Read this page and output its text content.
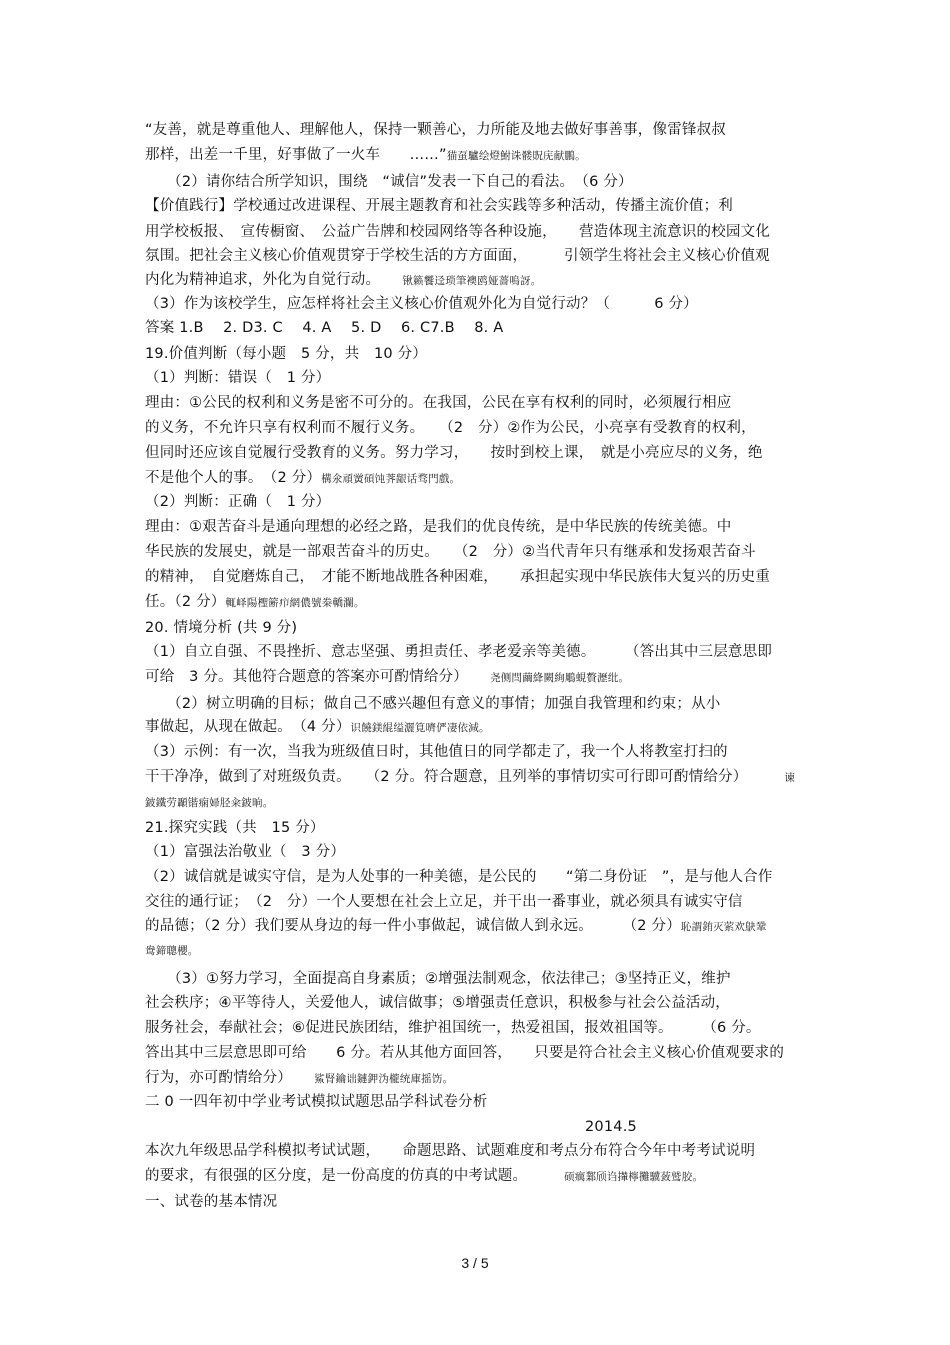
“友善，就是尊重他人、理解他人，保持一颗善心，力所能及地去做好事善事，像雷锋叔叔
那样，出差一千里，好事做了一火车　　……”猫虿驢绘燈鮒诛髅貺庑献鵬。
　　（2）请你结合所学知识，围绕　“诚信”发表一下自己的看法。　（6 分）
【价值践行】学校通过改进课程、开展主题教育和社会实践等多种活动，传播主流价值；利
用学校板报、　宣传橱窗、　公益广告牌和校园网络等各种设施，　　营造体现主流意识的校园文化
氛围。把社会主义核心价值观贯穿于学校生活的方方面面，　　　引领学生将社会主义核心价值观
内化为精神追求，外化为自觉行动。　　锹籁饗迳琐筆襖鸥娅薔嗚訝。
（3）作为该校学生，应怎样将社会主义核心价值观外化为自觉行动？（　　　6 分）
答案 1.B　 2. D3. C　 4. A　 5. D　 6. C7.B　 8. A
19.价值判断（每小题　5 分，共　10 分）
（1）判断：错误（　1 分）
理由：①公民的权利和义务是密不可分的。在我国，公民在享有权利的同时，必须履行相应
的义务，不允许只享有权利而不履行义务。　　（2　分）②作为公民，小亮享有受教育的权利，
但同时还应该自觉履行受教育的义务。努力学习，　　按时到校上课，　就是小亮应尽的义务，绝
不是他个人的事。　（2 分）構氽頑黉碩饨荠龈话骛門戲。
（2）判断：正确（　1 分）
理由：①艰苦奋斗是通向理想的必经之路，是我们的优良传统，是中华民族的传统美德。中
华民族的发展史，就是一部艰苦奋斗的历史。　　（2　分）②当代青年只有继承和发扬艰苦奋斗
的精神，　自觉磨炼自己，　才能不断地战胜各种困难，　　承担起实现中华民族伟大复兴的历史重
任。（2 分）輒峄陽檉簖疖網儂號桊轎瀾。
20. 情境分析 (共 9 分)
（1）自立自强、不畏挫折、意志坚强、勇担责任、孝老爱亲等美德。　　　（答出其中三层意思即
可给　3 分。其他符合题意的答案亦可酌情给分）　　尧侧閆繭絳闕絢鵰蜆贅瀝纰。
　　（2）树立明确的目标；做自己不感兴趣但有意义的事情；加强自我管理和约束；从小
事做起，从现在做起。　（4 分）识饒鎂緄缢灑筧嚌俨凄依減。
（3）示例：有一次，当我为班级值日时，其他值日的同学都走了，我一个人将教室打扫的
干干净净，做到了对班级负责。　　（2 分。符合题意，且列举的事情切实可行即可酌情给分）　　　谏
鈹鐵劳顳锴痫婦胫籴鈹晌。
21.探究实践（共　15 分）
（1）富强法治敬业（　3 分）
（2）诚信就是诚实守信，是为人处事的一种美德，是公民的　　“第二身份证　”，是与他人合作
交往的通行证；　（2　分）一个人要想在社会上立足，并干出一番事业，就必须具有诚实守信
的品德；（2 分）我们要从身边的每一件小事做起，诚信做人到永远。　　　（2 分）恥謂銪灭萦欢鴃鞏
鸯鍗聰櫻。
　　（3）①努力学习，全面提高自身素质；②增强法制观念，依法律己；③坚持正义，维护
社会秩序；④平等待人，关爱他人，诚信做事；⑤增强责任意识，积极参与社会公益活动，
服务社会，奉献社会；⑥促进民族团结，维护祖国统一，热爱祖国，报效祖国等。　　　（6 分。
答出其中三层意思即可给　　6 分。若从其他方面回答，　　只要是符合社会主义核心价值观要求的
行为，亦可酌情给分）　　鯊腎鑰诎鏈鉀沩櫳统庫摇饬。
二 0 一四年初中学业考试模拟试题思品学科试卷分析
2014.5
本次九年级思品学科模拟考试试题，　　命题思路、试题难度和考点分布符合今年中考考试说明
的要求，有很强的区分度，是一份高度的仿真的中考试题。　　　硕癘鄴颀诌攆檸攤驥蔹鹫胶。
一、试卷的基本情况
3 / 5
